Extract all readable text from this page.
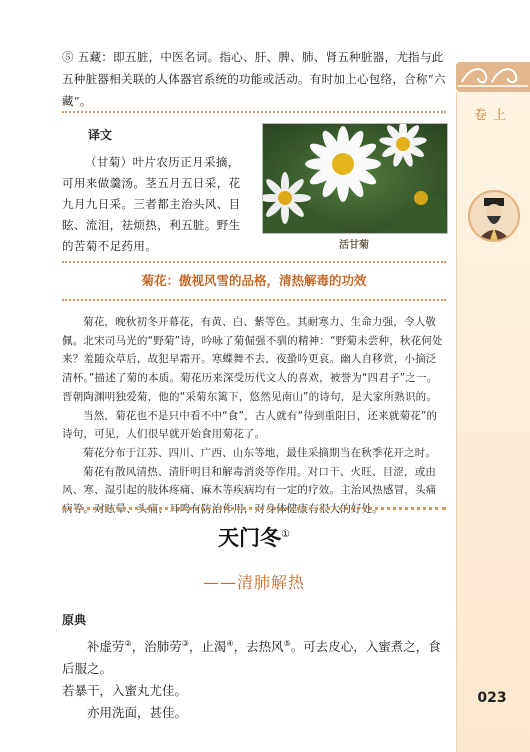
卷上
⑤ 五藏：即五脏，中医名词。指心、肝、脾、肺、肾五种脏器，尤指与此五种脏器相关联的人体器官系统的功能或活动。有时加上心包络，合称“六藏”。
译文

（甘菊）叶片农历正月采摘，可用来做羹汤。茎五月五日采，花九月九日采。三者都主治头风、目眩、流泪，祛烦热，利五脏。野生的苦菊不足药用。	活甘菊
菊花：傲视风雪的品格，清热解毒的功效

菊花，晚秋初冬开幕花，有黄、白、紫等色。其耐寒力、生命力强，令人敬佩。北宋司马光的“野菊”诗，吟咏了菊倔强不驯的精神：“野菊未尝种，秋花何处来？羞随众草后，故犯早霜开。寒蝶舞不去，夜蛩吟更哀。幽人自移赏，小摘泛清杯。”描述了菊的本质。菊花历来深受历代文人的喜欢，被誉为“四君子”之一。晋朝陶渊明独爱菊，他的“采菊东篱下，悠然见南山”的诗句，是大家所熟识的。

当然，菊花也不是只中看不中“食”，古人就有“待到重阳日，还来就菊花”的诗句，可见，人们很早就开始食用菊花了。

菊花分布于江苏、四川、广西、山东等地，最佳采摘期当在秋季花开之时。

菊花有散风清热、清肝明目和解毒消炎等作用。对口干、火旺、目涩，或由风、寒、湿引起的肢体疼痛、麻木等疾病均有一定的疗效。主治风热感冒，头痛病等。对眩晕、头痛、耳鸣有防治作用，对身体健康有很大的好处。

天门冬①
——清肺解热
原典

补虚劳②，治肺劳③，止渴④，去热风⑤。可去皮心，入蜜煮之，食后服之。

若暴干，入蜜丸尤佳。

亦用洗面，甚佳。

023
